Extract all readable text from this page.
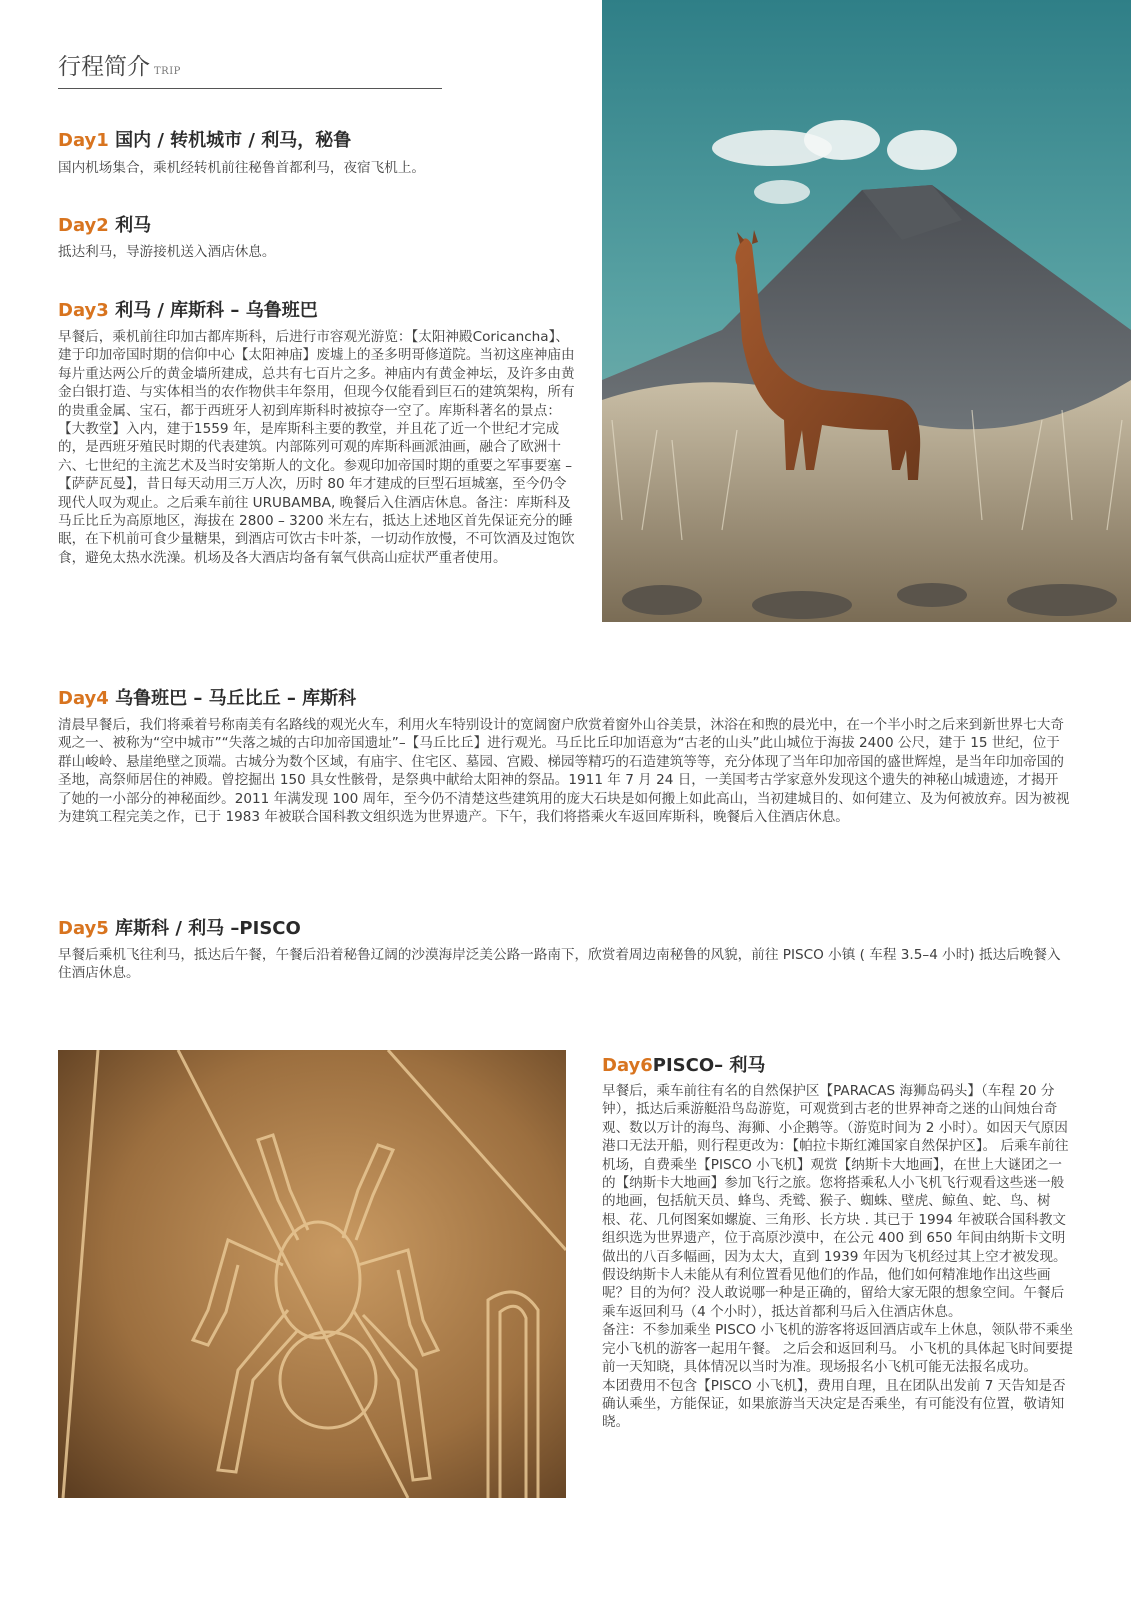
行程简介 TRIP
Day1 国内 / 转机城市 / 利马，秘鲁

国内机场集合，乘机经转机前往秘鲁首都利马，夜宿飞机上。

Day2 利马

抵达利马，导游接机送入酒店休息。

Day3 利马 / 库斯科 – 乌鲁班巴

早餐后，乘机前往印加古都库斯科，后进行市容观光游览：【太阳神殿Coricancha】、建于印加帝国时期的信仰中心【太阳神庙】废墟上的圣多明哥修道院。当初这座神庙由每片重达两公斤的黄金墙所建成，总共有七百片之多。神庙内有黄金神坛，及许多由黄金白银打造、与实体相当的农作物供丰年祭用，但现今仅能看到巨石的建筑架构，所有的贵重金属、宝石，都于西班牙人初到库斯科时被掠夺一空了。库斯科著名的景点：【大教堂】入内，建于1559 年，是库斯科主要的教堂，并且花了近一个世纪才完成的，是西班牙殖民时期的代表建筑。内部陈列可观的库斯科画派油画，融合了欧洲十六、七世纪的主流艺术及当时安第斯人的文化。参观印加帝国时期的重要之军事要塞 –【萨萨瓦曼】，昔日每天动用三万人次，历时 80 年才建成的巨型石垣城塞，至今仍令现代人叹为观止。之后乘车前往 URUBAMBA, 晚餐后入住酒店休息。备注：库斯科及马丘比丘为高原地区，海拔在 2800 – 3200 米左右，抵达上述地区首先保证充分的睡眠，在下机前可食少量糖果，到酒店可饮古卡叶茶，一切动作放慢，不可饮酒及过饱饮食，避免太热水洗澡。机场及各大酒店均备有氧气供高山症状严重者使用。

Day4 乌鲁班巴 – 马丘比丘 – 库斯科

清晨早餐后，我们将乘着号称南美有名路线的观光火车，利用火车特别设计的宽阔窗户欣赏着窗外山谷美景，沐浴在和煦的晨光中，在一个半小时之后来到新世界七大奇观之一、被称为“空中城市”“失落之城的古印加帝国遗址”–【马丘比丘】进行观光。马丘比丘印加语意为“古老的山头”此山城位于海拔 2400 公尺，建于 15 世纪，位于群山峻岭、悬崖绝壁之顶端。古城分为数个区域，有庙宇、住宅区、墓园、宫殿、梯园等精巧的石造建筑等等，充分体现了当年印加帝国的盛世辉煌，是当年印加帝国的圣地，高祭师居住的神殿。曾挖掘出 150 具女性骸骨，是祭典中献给太阳神的祭品。1911 年 7 月 24 日，一美国考古学家意外发现这个遗失的神秘山城遗迹，才揭开了她的一小部分的神秘面纱。2011 年满发现 100 周年，至今仍不清楚这些建筑用的庞大石块是如何搬上如此高山，当初建城目的、如何建立、及为何被放弃。因为被视为建筑工程完美之作，已于 1983 年被联合国科教文组织选为世界遗产。下午，我们将搭乘火车返回库斯科，晚餐后入住酒店休息。

Day5 库斯科 / 利马 –PISCO

早餐后乘机飞往利马，抵达后午餐，午餐后沿着秘鲁辽阔的沙漠海岸泛美公路一路南下，欣赏着周边南秘鲁的风貌，前往 PISCO 小镇 ( 车程 3.5–4 小时) 抵达后晚餐入住酒店休息。

Day6PISCO– 利马

早餐后，乘车前往有名的自然保护区【PARACAS 海狮岛码头】（车程 20 分钟），抵达后乘游艇沿鸟岛游览，可观赏到古老的世界神奇之迷的山间烛台奇观、数以万计的海鸟、海狮、小企鹅等。（游览时间为 2 小时）。如因天气原因港口无法开船，则行程更改为：【帕拉卡斯红滩国家自然保护区】。 后乘车前往机场，自费乘坐【PISCO 小飞机】观赏【纳斯卡大地画】，在世上大谜团之一的【纳斯卡大地画】参加飞行之旅。您将搭乘私人小飞机飞行观看这些迷一般的地画，包括航天员、蜂鸟、秃鹫、猴子、蜘蛛、壁虎、鲸鱼、蛇、鸟、树根、花、几何图案如螺旋、三角形、长方块 . 其已于 1994 年被联合国科教文组织选为世界遗产，位于高原沙漠中，在公元 400 到 650 年间由纳斯卡文明做出的八百多幅画，因为太大，直到 1939 年因为飞机经过其上空才被发现。假设纳斯卡人未能从有利位置看见他们的作品，他们如何精准地作出这些画呢？目的为何？没人敢说哪一种是正确的，留给大家无限的想象空间。午餐后乘车返回利马（4 个小时），抵达首都利马后入住酒店休息。

备注：不参加乘坐 PISCO 小飞机的游客将返回酒店或车上休息，领队带不乘坐完小飞机的游客一起用午餐。 之后会和返回利马。 小飞机的具体起飞时间要提前一天知晓，具体情况以当时为准。现场报名小飞机可能无法报名成功。

本团费用不包含【PISCO 小飞机】，费用自理，且在团队出发前 7 天告知是否确认乘坐，方能保证，如果旅游当天决定是否乘坐，有可能没有位置，敬请知晓。
